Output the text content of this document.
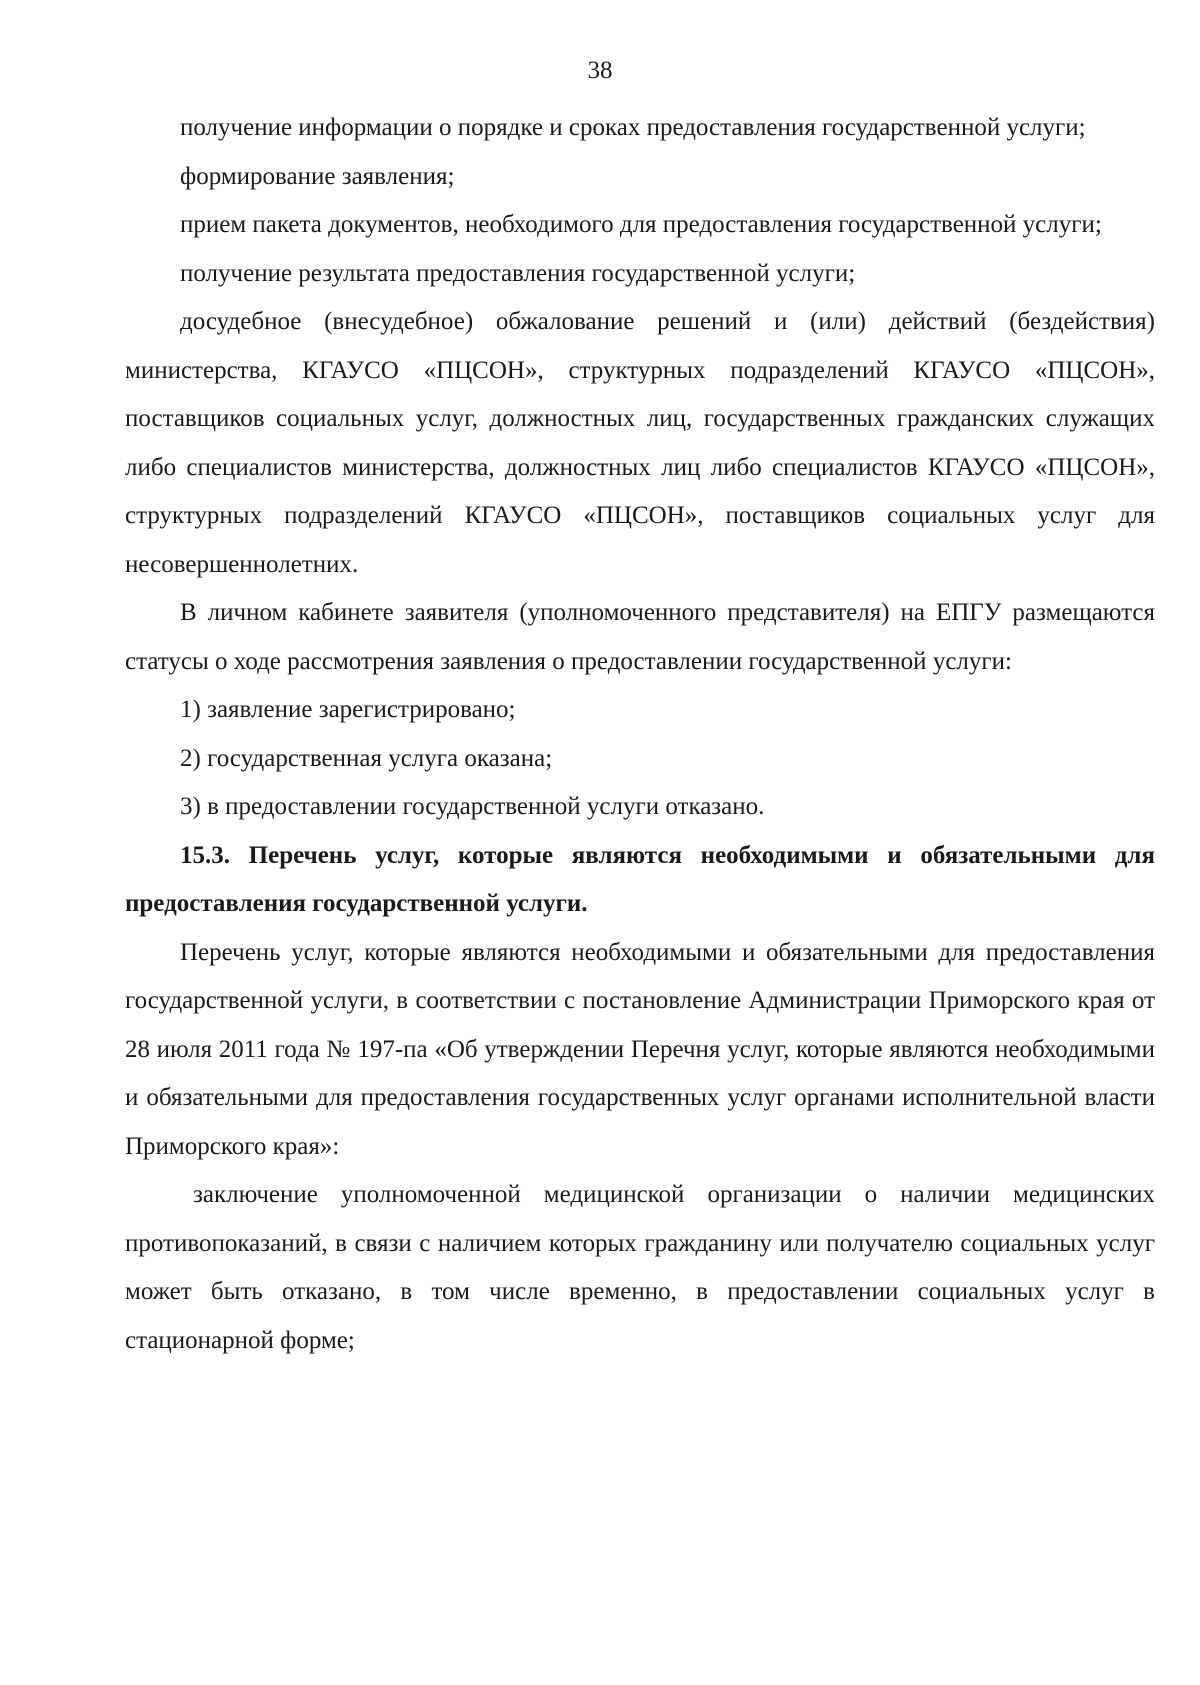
38

получение информации о порядке и сроках предоставления государственной услуги;

формирование заявления;

прием пакета документов, необходимого для предоставления государственной услуги;

получение результата предоставления государственной услуги;

досудебное (внесудебное) обжалование решений и (или) действий (бездействия) министерства, КГАУСО «ПЦСОН», структурных подразделений КГАУСО «ПЦСОН», поставщиков социальных услуг, должностных лиц, государственных гражданских служащих либо специалистов министерства, должностных лиц либо специалистов КГАУСО «ПЦСОН», структурных подразделений КГАУСО «ПЦСОН», поставщиков социальных услуг для несовершеннолетних.

В личном кабинете заявителя (уполномоченного представителя) на ЕПГУ размещаются статусы о ходе рассмотрения заявления о предоставлении государственной услуги:

1) заявление зарегистрировано;

2) государственная услуга оказана;

3) в предоставлении государственной услуги отказано.

15.3. Перечень услуг, которые являются необходимыми и обязательными для предоставления государственной услуги.

Перечень услуг, которые являются необходимыми и обязательными для предоставления государственной услуги, в соответствии с постановление Администрации Приморского края от 28 июля 2011 года № 197-па «Об утверждении Перечня услуг, которые являются необходимыми и обязательными для предоставления государственных услуг органами исполнительной власти Приморского края»:

заключение уполномоченной медицинской организации о наличии медицинских противопоказаний, в связи с наличием которых гражданину или получателю социальных услуг может быть отказано, в том числе временно, в предоставлении социальных услуг в стационарной форме;
